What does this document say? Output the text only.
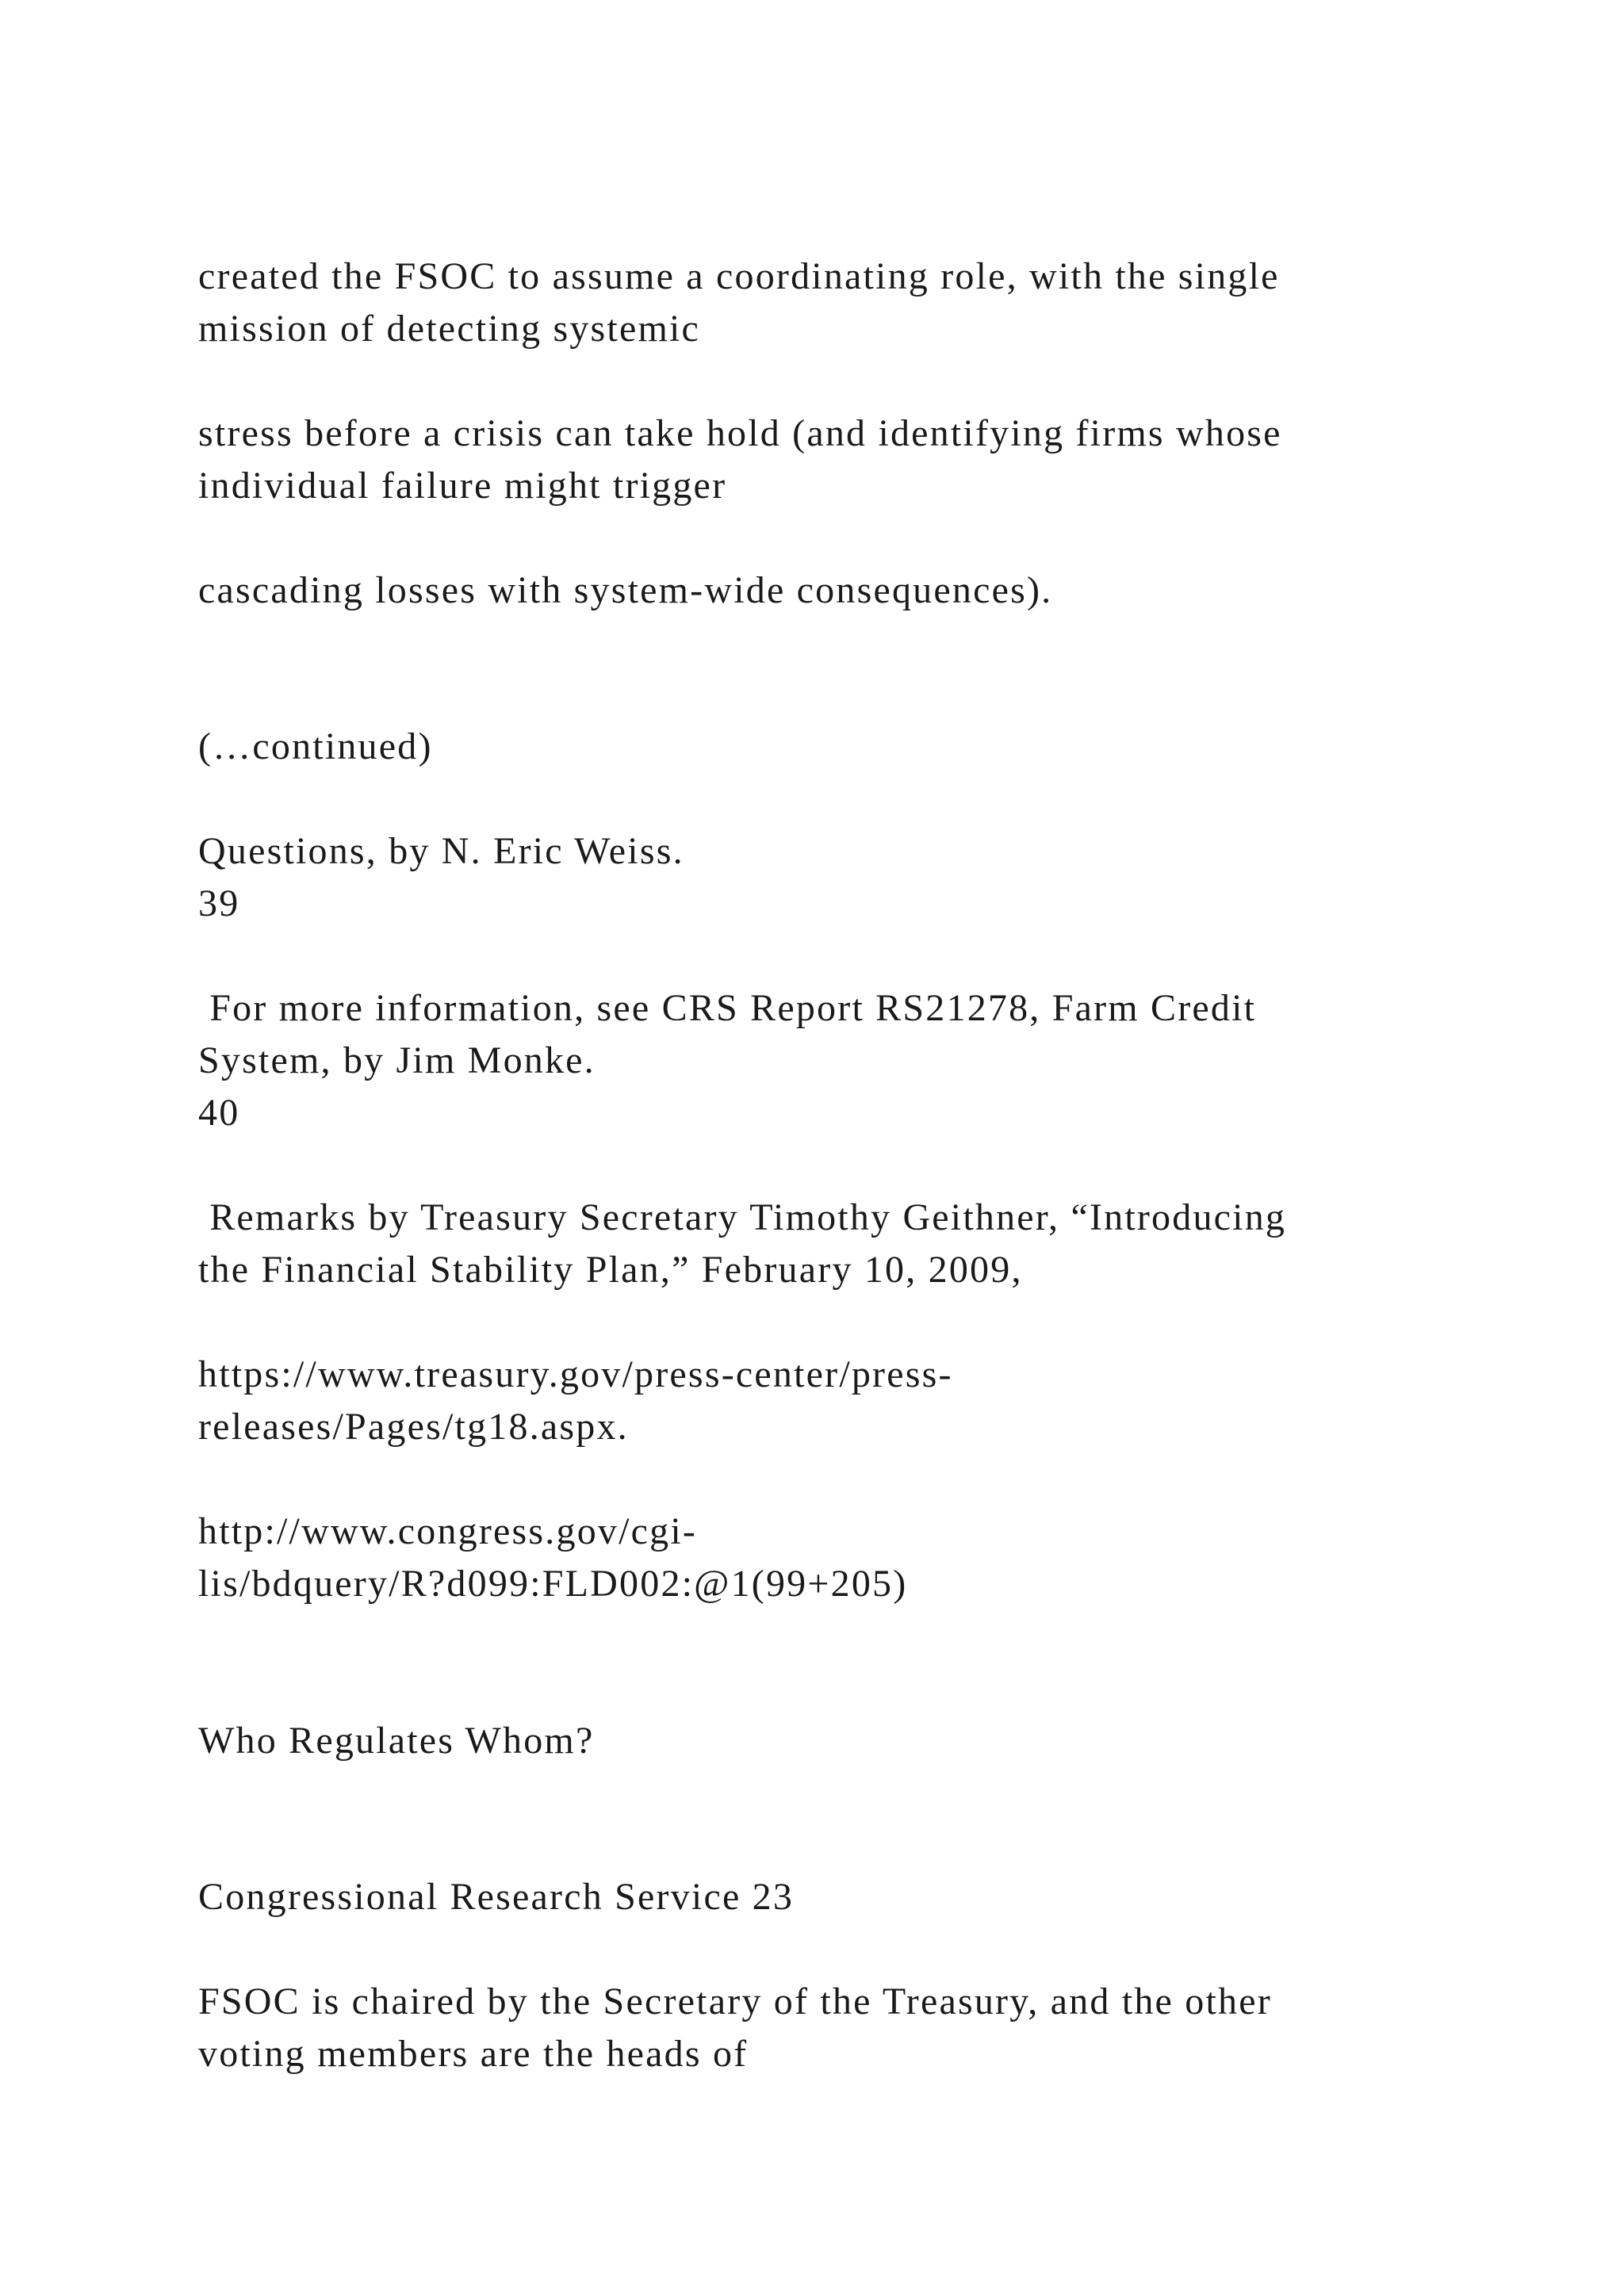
created the FSOC to assume a coordinating role, with the single

mission of detecting systemic

stress before a crisis can take hold (and identifying firms whose

individual failure might trigger

cascading losses with system-wide consequences).

(…continued)

Questions, by N. Eric Weiss.

39

For more information, see CRS Report RS21278, Farm Credit

System, by Jim Monke.

40

Remarks by Treasury Secretary Timothy Geithner, “Introducing

the Financial Stability Plan,” February 10, 2009,

https://www.treasury.gov/press-center/press-

releases/Pages/tg18.aspx.

http://www.congress.gov/cgi-

lis/bdquery/R?d099:FLD002:@1(99+205)

Who Regulates Whom?

Congressional Research Service 23

FSOC is chaired by the Secretary of the Treasury, and the other

voting members are the heads of
